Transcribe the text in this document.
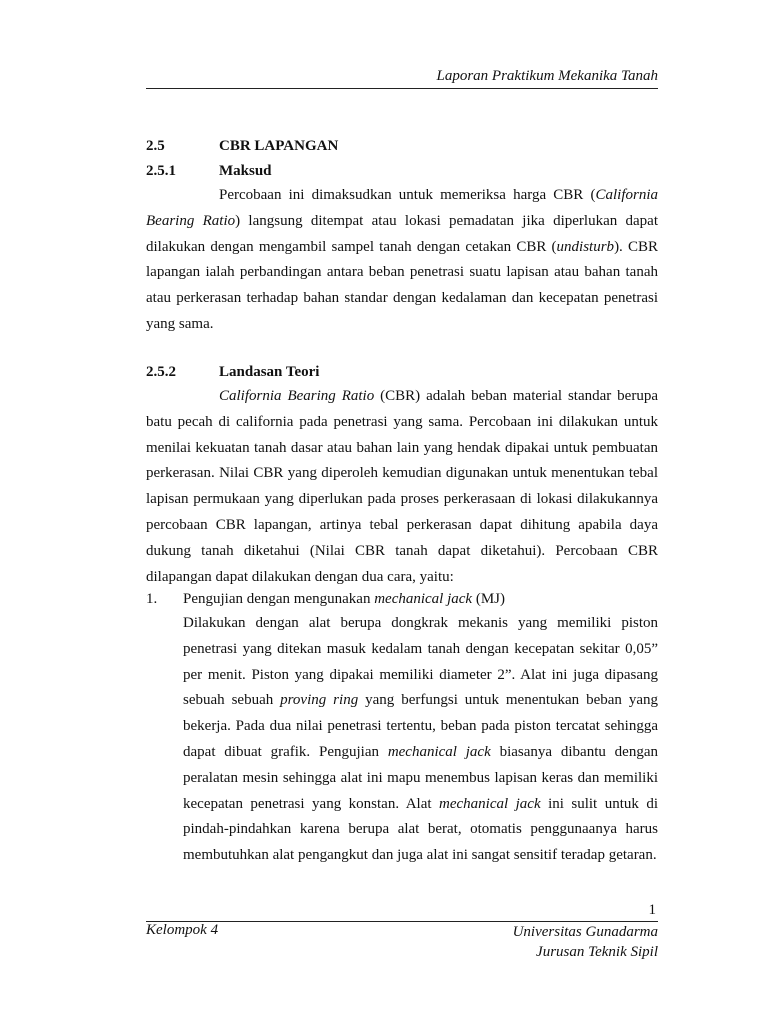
Laporan Praktikum Mekanika Tanah
2.5	CBR LAPANGAN
2.5.1	Maksud

Percobaan ini dimaksudkan untuk memeriksa harga CBR (California Bearing Ratio) langsung ditempat atau lokasi pemadatan jika diperlukan dapat dilakukan dengan mengambil sampel tanah dengan cetakan CBR (undisturb). CBR lapangan ialah perbandingan antara beban penetrasi suatu lapisan atau bahan tanah atau perkerasan terhadap bahan standar dengan kedalaman dan kecepatan penetrasi yang sama.

2.5.2	Landasan Teori

California Bearing Ratio (CBR) adalah beban material standar berupa batu pecah di california pada penetrasi yang sama. Percobaan ini dilakukan untuk menilai kekuatan tanah dasar atau bahan lain yang hendak dipakai untuk pembuatan perkerasan. Nilai CBR yang diperoleh kemudian digunakan untuk menentukan tebal lapisan permukaan yang diperlukan pada proses perkerasaan di lokasi dilakukannya percobaan CBR lapangan, artinya tebal perkerasan dapat dihitung apabila daya dukung tanah diketahui (Nilai CBR tanah dapat diketahui). Percobaan CBR dilapangan dapat dilakukan dengan dua cara, yaitu:

1. Pengujian dengan mengunakan mechanical jack (MJ)

Dilakukan dengan alat berupa dongkrak mekanis yang memiliki piston penetrasi yang ditekan masuk kedalam tanah dengan kecepatan sekitar 0,05” per menit. Piston yang dipakai memiliki diameter 2”. Alat ini juga dipasang sebuah sebuah proving ring yang berfungsi untuk menentukan beban yang bekerja. Pada dua nilai penetrasi tertentu, beban pada piston tercatat sehingga dapat dibuat grafik. Pengujian mechanical jack biasanya dibantu dengan peralatan mesin sehingga alat ini mapu menembus lapisan keras dan memiliki kecepatan penetrasi yang konstan. Alat mechanical jack ini sulit untuk di pindah-pindahkan karena berupa alat berat, otomatis penggunaanya harus membutuhkan alat pengangkut dan juga alat ini sangat sensitif teradap getaran.

1
Kelompok 4	Universitas Gunadarma
Jurusan Teknik Sipil
